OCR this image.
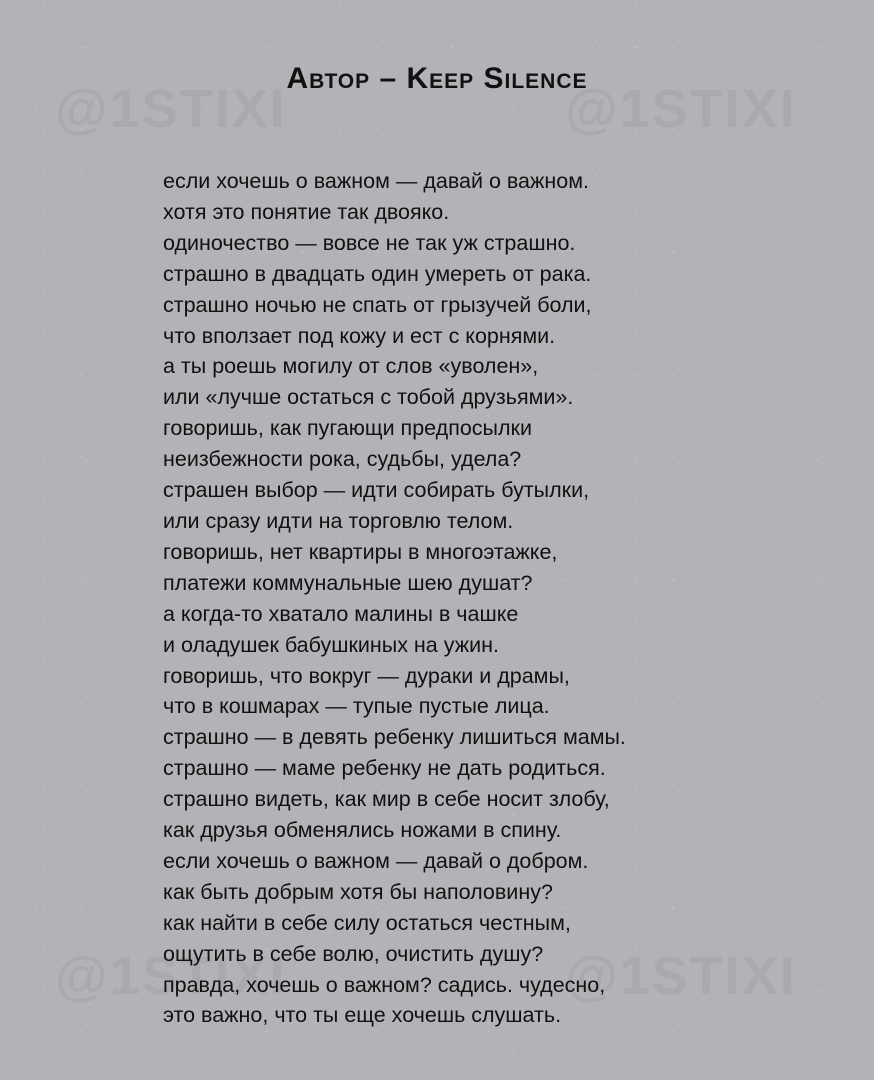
@1STIXI	@1STIXI
@1STIXI	@1STIXI
Автор – Keep Silence
если хочешь о важном — давай о важном.
хотя это понятие так двояко.
одиночество — вовсе не так уж страшно.
страшно в двадцать один умереть от рака.
страшно ночью не спать от грызучей боли,
что вползает под кожу и ест с корнями.
а ты роешь могилу от слов «уволен»,
или «лучше остаться с тобой друзьями».
говоришь, как пугающи предпосылки
неизбежности рока, судьбы, удела?
страшен выбор — идти собирать бутылки,
или сразу идти на торговлю телом.
говоришь, нет квартиры в многоэтажке,
платежи коммунальные шею душат?
а когда-то хватало малины в чашке
и оладушек бабушкиных на ужин.
говоришь, что вокруг — дураки и драмы,
что в кошмарах — тупые пустые лица.
страшно — в девять ребенку лишиться мамы.
страшно — маме ребенку не дать родиться.
страшно видеть, как мир в себе носит злобу,
как друзья обменялись ножами в спину.
если хочешь о важном — давай о добром.
как быть добрым хотя бы наполовину?
как найти в себе силу остаться честным,
ощутить в себе волю, очистить душу?
правда, хочешь о важном? садись. чудесно,
это важно, что ты еще хочешь слушать.
